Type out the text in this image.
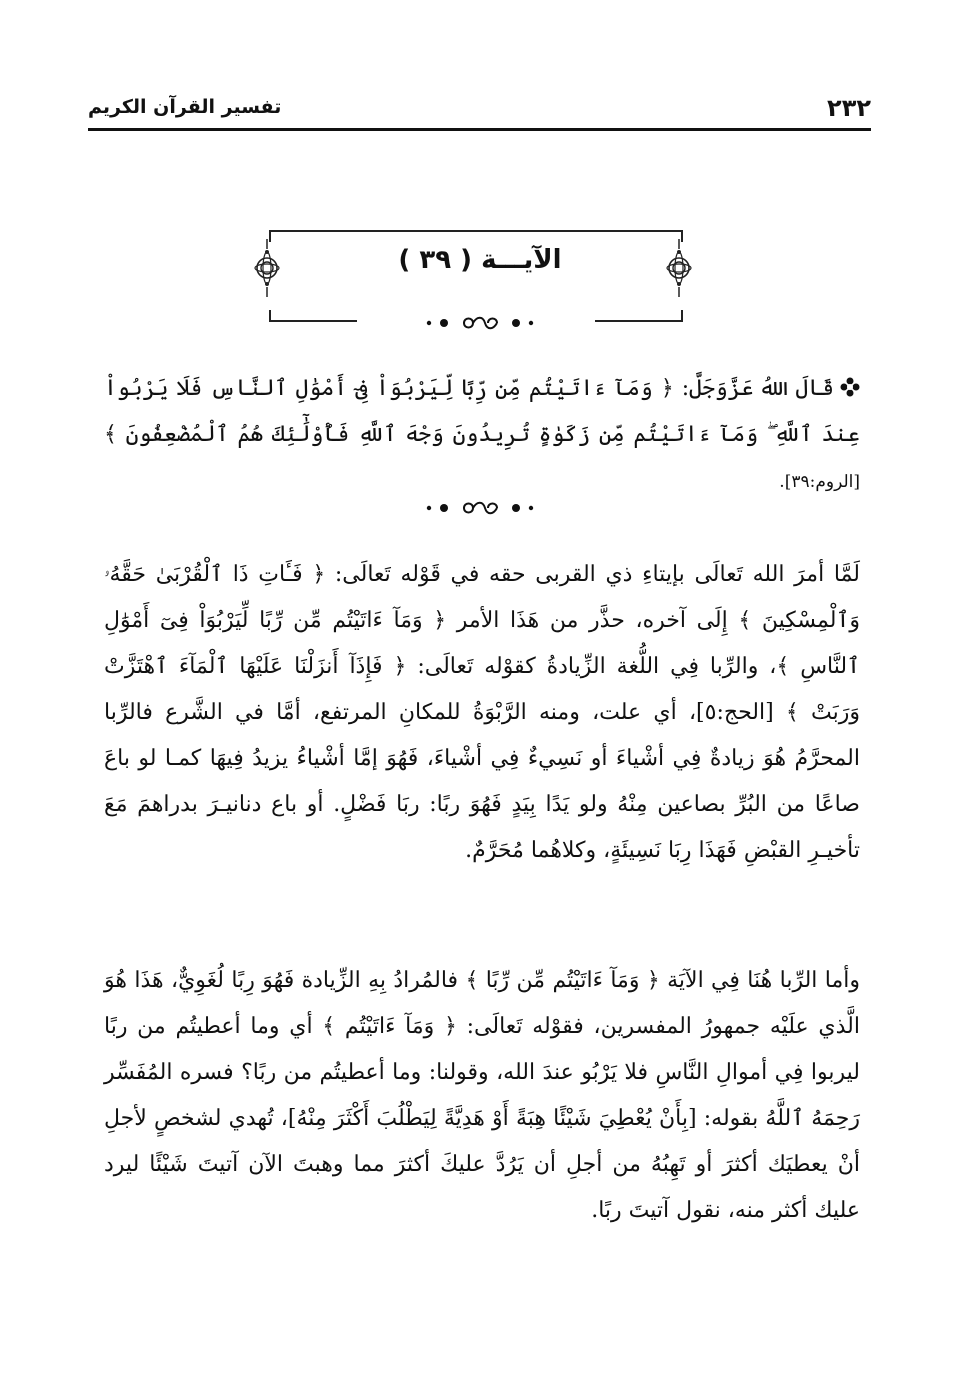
٢٣٢
تفسير القرآن الكريم
الآيـــة ( ٣٩ )
قَالَ اللهُ عَزَّوَجَلَّ: ﴿ وَمَآ ءَاتَيْتُم مِّن رِّبًا لِّيَرْبُوَاْ فِىٓ أَمْوَٰلِ ٱلنَّاسِ فَلَا يَرْبُواْ عِندَ ٱللَّهِ ۖ وَمَآ ءَاتَيْتُم مِّن زَكَوٰةٍ تُرِيدُونَ وَجْهَ ٱللَّهِ فَأُوْلَٰٓئِكَ هُمُ ٱلْمُضْعِفُونَ ﴾ [الروم:٣٩].

لَمَّا أمرَ الله تَعالَى بإيتاءِ ذي القربى حقه في قَوْله تَعالَى: ﴿ فَـَٔاتِ ذَا ٱلْقُرْبَىٰ حَقَّهُۥ وَٱلْمِسْكِينَ ﴾ إِلَى آخره، حذَّر من هَذَا الأمر ﴿ وَمَآ ءَاتَيْتُم مِّن رِّبًا لِّيَرْبُوَاْ فِىٓ أَمْوَٰلِ ٱلنَّاسِ ﴾، والرِّبا فِي اللُّغة الزِّيادةُ كقوْله تَعالَى: ﴿ فَإِذَآ أَنزَلْنَا عَلَيْهَا ٱلْمَآءَ ٱهْتَزَّتْ وَرَبَتْ ﴾ [الحج:٥]، أي علت، ومنه الرَّبْوَةُ للمكانِ المرتفع، أمَّا في الشَّرع فالرِّبا المحرَّمُ هُوَ زيادةٌ فِي أشْياءَ أو نَسِيءٌ فِي أشْياءَ، فَهُوَ إمَّا أشْياءُ يزيدُ فِيهَا كمـا لو باعَ صاعًا من البُرِّ بصاعين مِنْهُ ولو يَدًا بِيَدٍ فَهُوَ ربًا: ربَا فَضْلٍ. أو باع دنانيـرَ بدراهمَ مَعَ تأخيـرِ القبْضِ فَهَذَا رِبَا نَسِيئَةٍ، وكلاهُما مُحَرَّمٌ.

وأما الرِّبا هُنَا فِي الآيَة ﴿ وَمَآ ءَاتَيْتُم مِّن رِّبًا ﴾ فالمُرادُ بِهِ الزِّيادة فَهُوَ رِبًا لُغَوِيٌّ، هَذَا هُوَ الَّذي علَيْه جمهورُ المفسرين، فقوْله تَعالَى: ﴿ وَمَآ ءَاتَيْتُم ﴾ أي وما أعطيتُم من ربًا ليربوا فِي أموالِ النَّاسِ فلا يَرْبُو عندَ الله، وقولنا: وما أعطيتُم من ربًا؟ فسره المُفَسِّر رَحِمَهُ ٱللَّهُ بقوله: [بِأَنْ يُعْطِيَ شَيْئًا هِبَةً أَوْ هَدِيَّةً لِيَطْلُبَ أَكْثَرَ مِنْهُ]، تُهدي لشخصٍ لأجلِ أنْ يعطيَك أكثرَ أو تَهِبُهُ من أجلِ أن يَرُدَّ عليكَ أكثرَ مما وهبتَ الآن آتيتَ شَيْئًا ليرد عليك أكثر منه، نقول آتيتَ ربًا.
